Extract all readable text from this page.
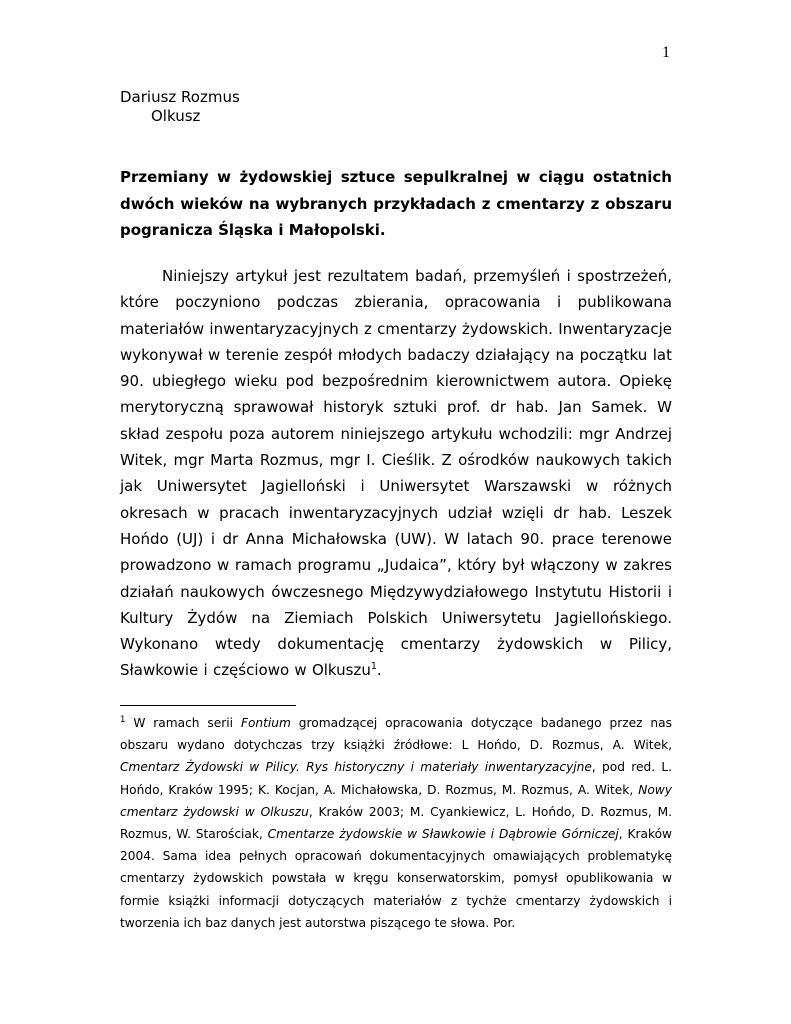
1
Dariusz Rozmus
Olkusz

Przemiany w żydowskiej sztuce sepulkralnej w ciągu ostatnich dwóch wieków na wybranych przykładach z cmentarzy z obszaru pogranicza Śląska i Małopolski.

Niniejszy artykuł jest rezultatem badań, przemyśleń i spostrzeżeń, które poczyniono podczas zbierania, opracowania i publikowana materiałów inwentaryzacyjnych z cmentarzy żydowskich. Inwentaryzacje wykonywał w terenie zespół młodych badaczy działający na początku lat 90. ubiegłego wieku pod bezpośrednim kierownictwem autora. Opiekę merytoryczną sprawował historyk sztuki prof. dr hab. Jan Samek. W skład zespołu poza autorem niniejszego artykułu wchodzili: mgr Andrzej Witek, mgr Marta Rozmus, mgr I. Cieślik. Z ośrodków naukowych takich jak Uniwersytet Jagielloński i Uniwersytet Warszawski w różnych okresach w pracach inwentaryzacyjnych udział wzięli dr hab. Leszek Hońdo (UJ) i dr Anna Michałowska (UW). W latach 90. prace terenowe prowadzono w ramach programu „Judaica”, który był włączony w zakres działań naukowych ówczesnego Międzywydziałowego Instytutu Historii i Kultury Żydów na Ziemiach Polskich Uniwersytetu Jagiellońskiego. Wykonano wtedy dokumentację cmentarzy żydowskich w Pilicy, Sławkowie i częściowo w Olkuszu$^1$.

$^1$ W ramach serii Fontium gromadzącej opracowania dotyczące badanego przez nas obszaru wydano dotychczas trzy książki źródłowe: L Hońdo, D. Rozmus, A. Witek, Cmentarz Żydowski w Pilicy. Rys historyczny i materiały inwentaryzacyjne, pod red. L. Hońdo, Kraków 1995; K. Kocjan, A. Michałowska, D. Rozmus, M. Rozmus, A. Witek, Nowy cmentarz żydowski w Olkuszu, Kraków 2003; M. Cyankiewicz, L. Hońdo, D. Rozmus, M. Rozmus, W. Starościak, Cmentarze żydowskie w Sławkowie i Dąbrowie Górniczej, Kraków 2004. Sama idea pełnych opracowań dokumentacyjnych omawiających problematykę cmentarzy żydowskich powstała w kręgu konserwatorskim, pomysł opublikowania w formie książki informacji dotyczących materiałów z tychże cmentarzy żydowskich i tworzenia ich baz danych jest autorstwa piszącego te słowa. Por.
